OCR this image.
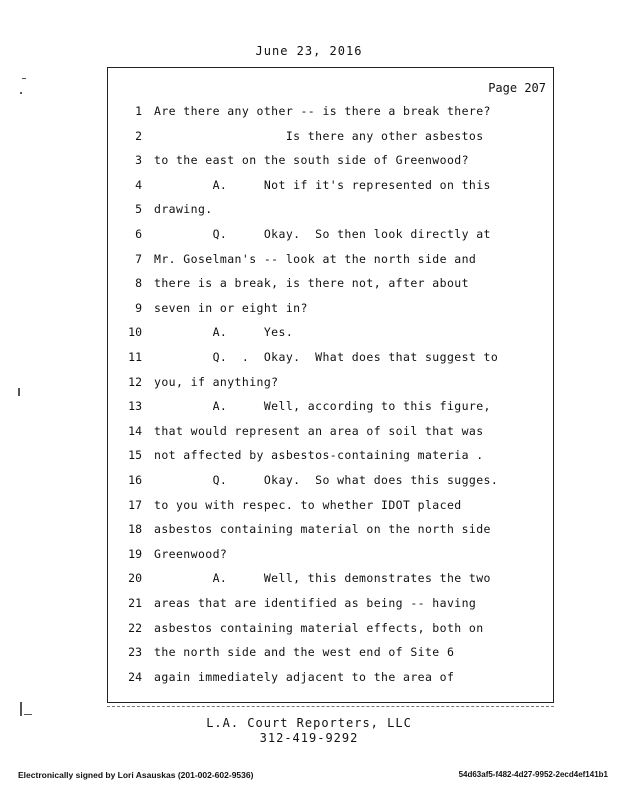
June 23, 2016
Page 207
1 Are there any other -- is there a break there?
2 Is there any other asbestos
3 to the east on the south side of Greenwood?
4 A.     Not if it's represented on this
5 drawing.
6 Q.     Okay.  So then look directly at
7 Mr. Goselman's -- look at the north side and
8 there is a break, is there not, after about
9 seven in or eight in?
10 A.     Yes.
11 Q.  .  Okay.  What does that suggest to
12 you, if anything?
13 A.     Well, according to this figure,
14 that would represent an area of soil that was
15 not affected by asbestos-containing materia .
16 Q.     Okay.  So what does this sugges.
17 to you with respec. to whether IDOT placed
18 asbestos containing material on the north side
19 Greenwood?
20 A.     Well, this demonstrates the two
21 areas that are identified as being -- having
22 asbestos containing material effects, both on
23 the north side and the west end of Site 6
24 again immediately adjacent to the area of
L.A. Court Reporters, LLC
312-419-9292
Electronically signed by Lori Asauskas (201-002-602-9536)	54d63af5-f482-4d27-9952-2ecd4ef141b1
